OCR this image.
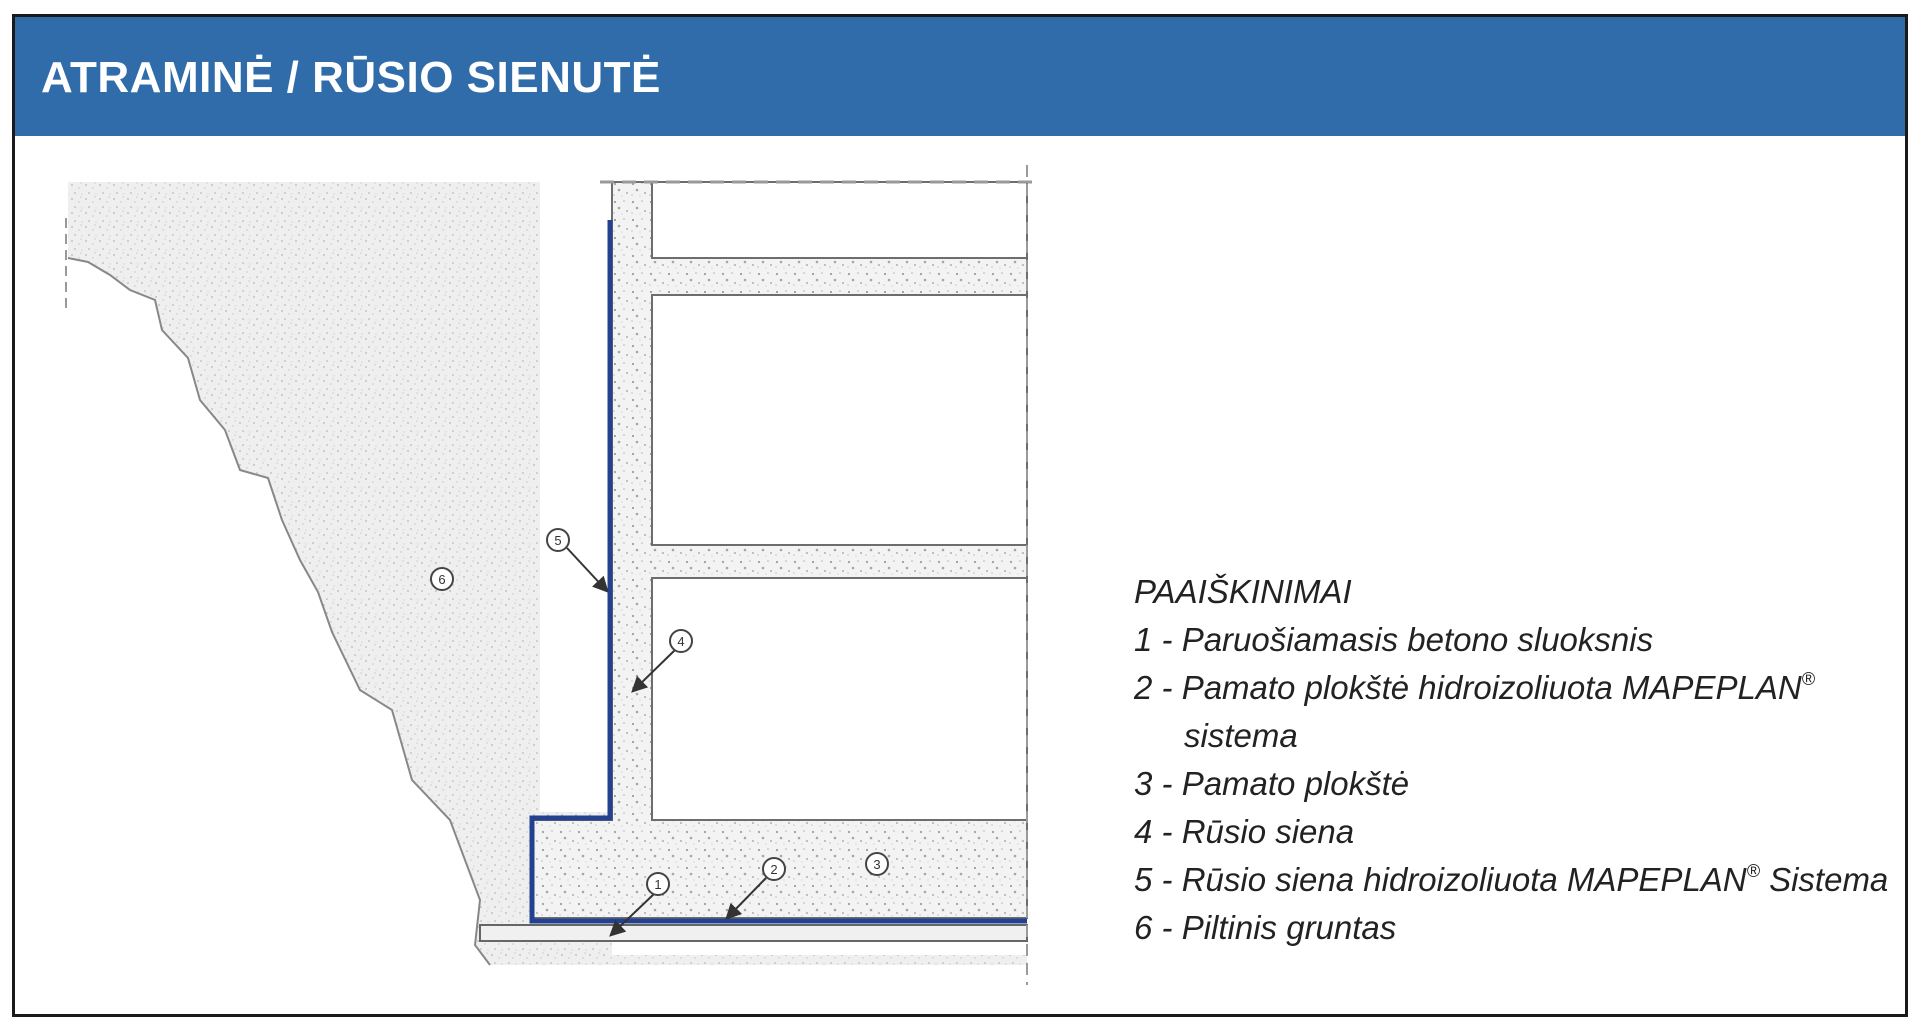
ATRAMINĖ / RŪSIO SIENUTĖ
1
2	3
4
5
6	PAAIŠKINIMAI
1 - Paruošiamasis betono sluoksnis
2 - Pamato plokštė hidroizoliuota MAPEPLAN®
sistema
3 - Pamato plokštė
4 - Rūsio siena
5 - Rūsio siena hidroizoliuota MAPEPLAN® Sistema
6 - Piltinis gruntas
